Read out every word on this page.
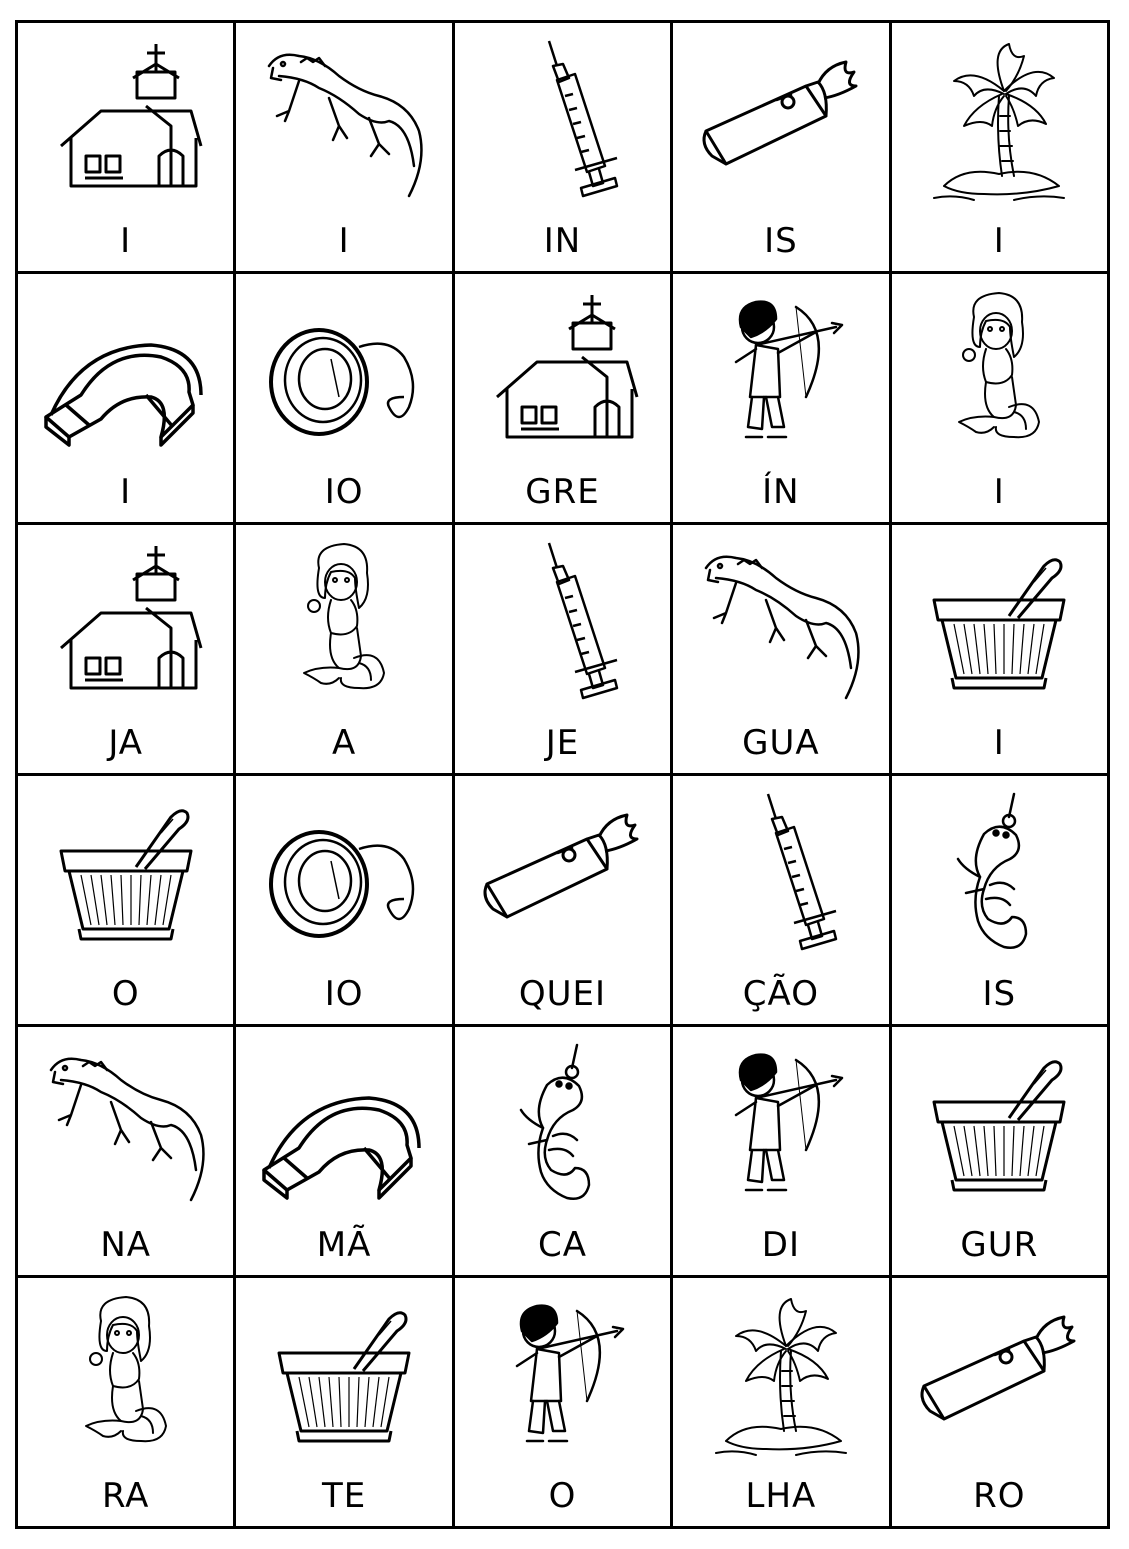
I	I	IN	IS	I
I	IO	GRE	ÍN	I
JA	A	JE	GUA	I
O	IO	QUEI	ÇÃO	IS
NA	MÃ	CA	DI	GUR
RA	TE	O	LHA	RO
